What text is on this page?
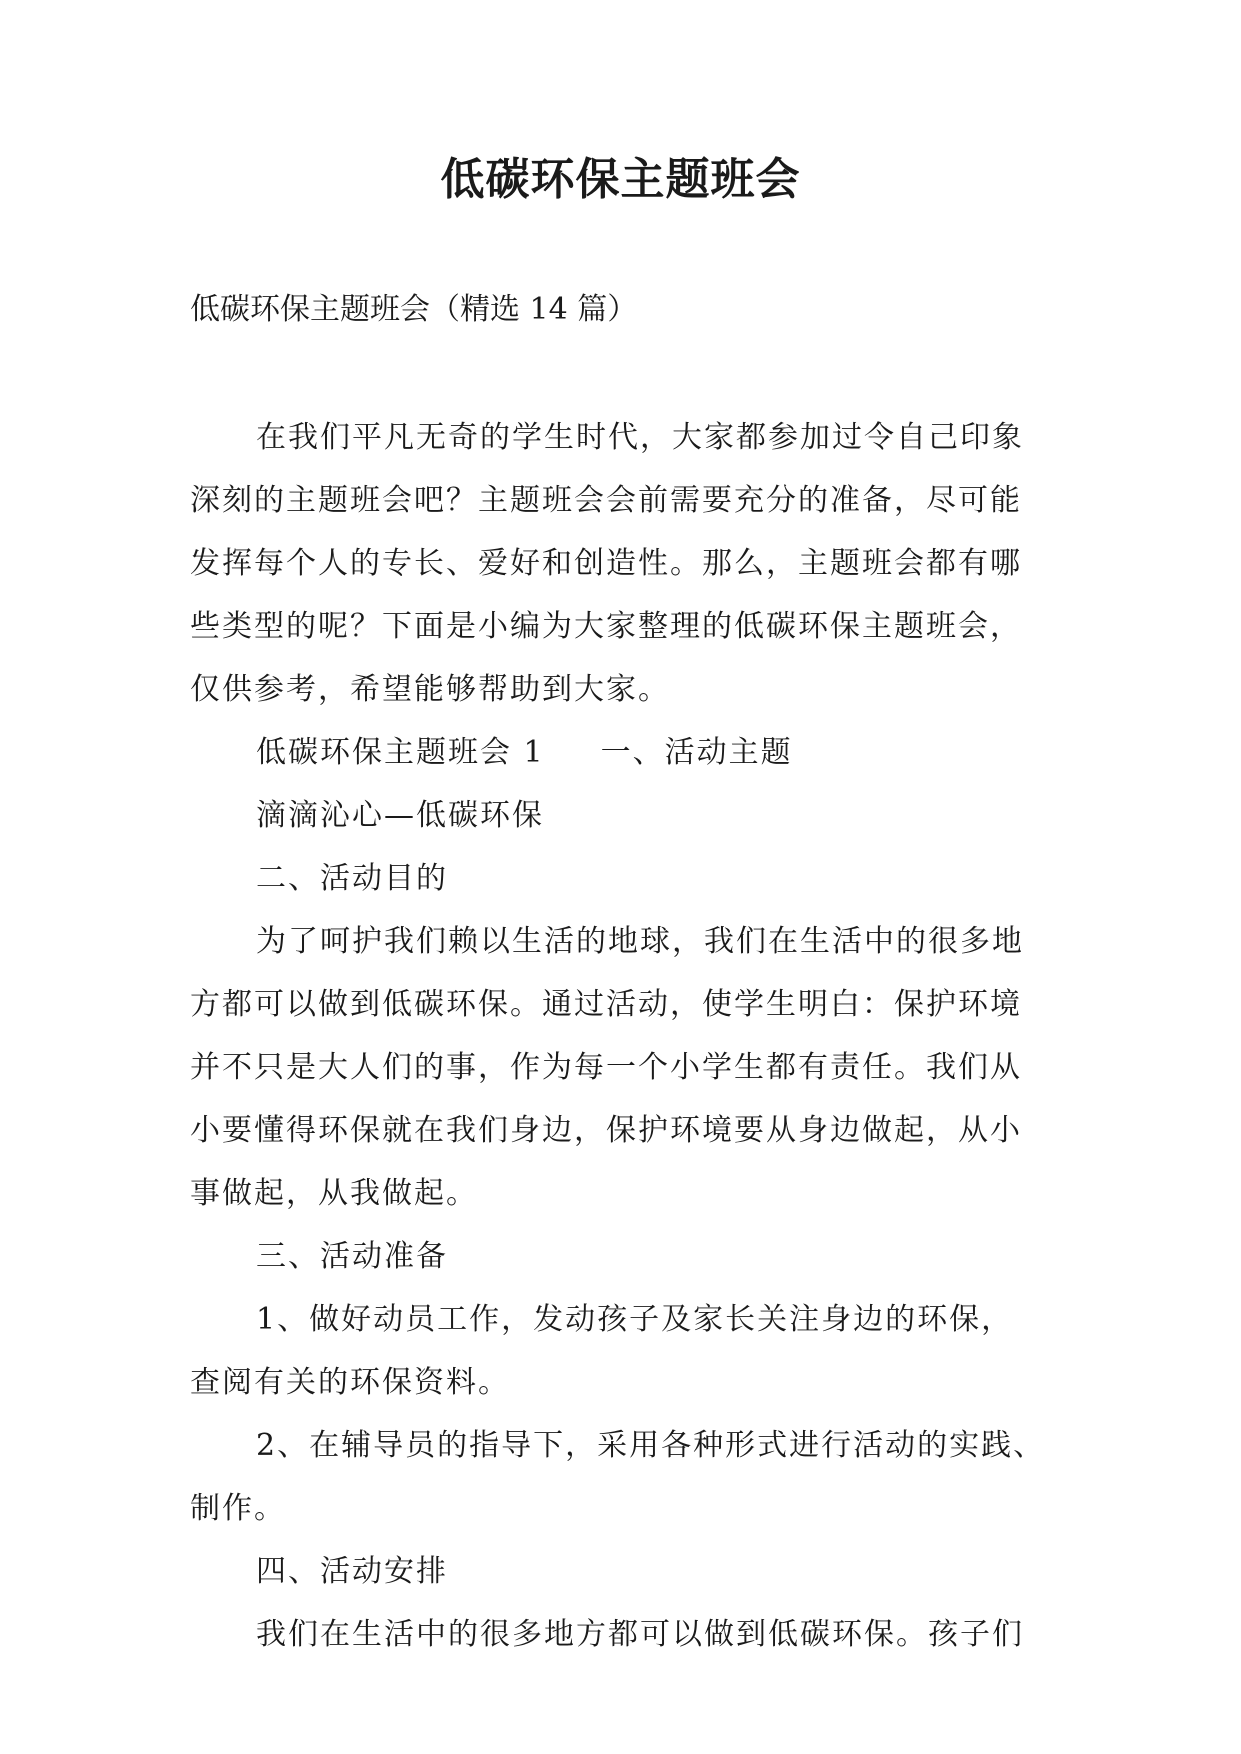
低碳环保主题班会
低碳环保主题班会（精选 14 篇）
在我们平凡无奇的学生时代，大家都参加过令自己印象
深刻的主题班会吧？主题班会会前需要充分的准备，尽可能
发挥每个人的专长、爱好和创造性。那么，主题班会都有哪
些类型的呢？下面是小编为大家整理的低碳环保主题班会，
仅供参考，希望能够帮助到大家。
低碳环保主题班会 1 一、活动主题
滴滴沁心—低碳环保
二、活动目的
为了呵护我们赖以生活的地球，我们在生活中的很多地
方都可以做到低碳环保。通过活动，使学生明白：保护环境
并不只是大人们的事，作为每一个小学生都有责任。我们从
小要懂得环保就在我们身边，保护环境要从身边做起，从小
事做起，从我做起。
三、活动准备
1、做好动员工作，发动孩子及家长关注身边的环保，
查阅有关的环保资料。
2、在辅导员的指导下，采用各种形式进行活动的实践、
制作。
四、活动安排
我们在生活中的很多地方都可以做到低碳环保。孩子们
